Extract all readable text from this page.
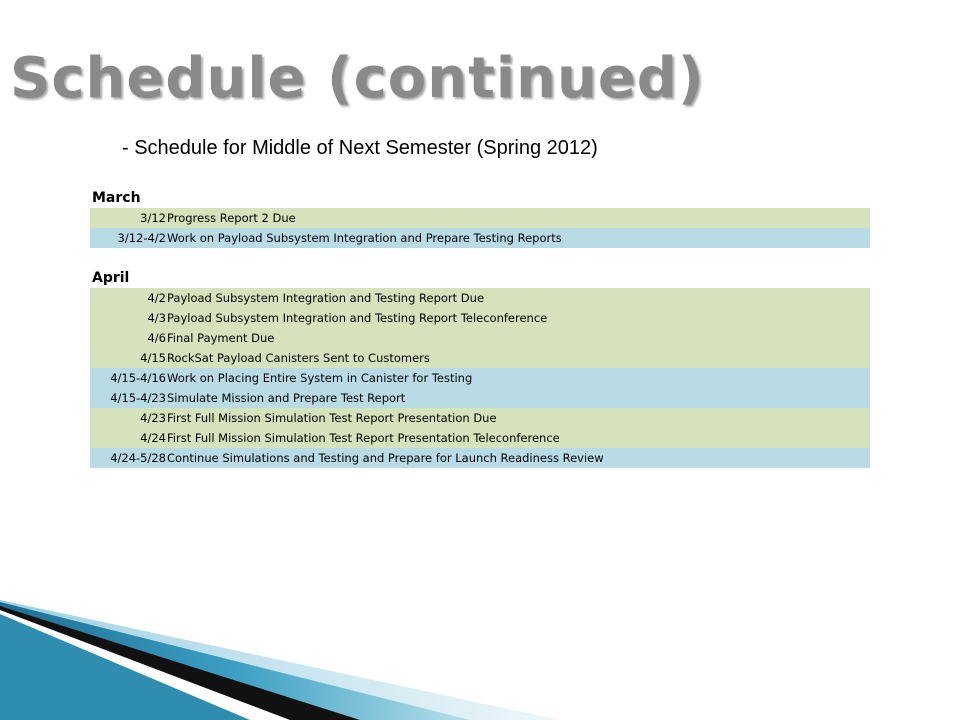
Schedule (continued)
- Schedule for Middle of Next Semester (Spring 2012)
March
3/12 Progress Report 2 Due
3/12-4/2 Work on Payload Subsystem Integration and Prepare Testing Reports
April
4/2 Payload Subsystem Integration and Testing Report Due
4/3 Payload Subsystem Integration and Testing Report Teleconference
4/6 Final Payment Due
4/15 RockSat Payload Canisters Sent to Customers
4/15-4/16 Work on Placing Entire System in Canister for Testing
4/15-4/23 Simulate Mission and Prepare Test Report
4/23 First Full Mission Simulation Test Report Presentation Due
4/24 First Full Mission Simulation Test Report Presentation Teleconference
4/24-5/28 Continue Simulations and Testing and Prepare for Launch Readiness Review
